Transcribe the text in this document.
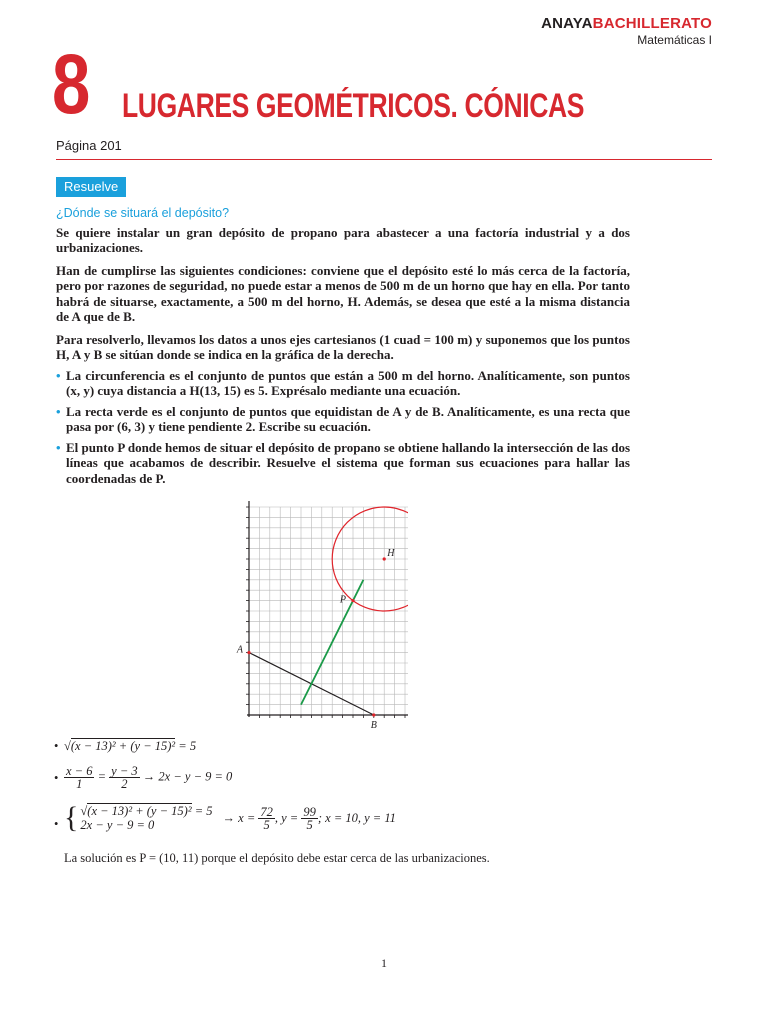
ANAYABACHILLERATO
Matemáticas I
8 LUGARES GEOMÉTRICOS. CÓNICAS
Página 201
Resuelve
¿Dónde se situará el depósito?
Se quiere instalar un gran depósito de propano para abastecer a una factoría industrial y a dos urbanizaciones.
Han de cumplirse las siguientes condiciones: conviene que el depósito esté lo más cerca de la factoría, pero por razones de seguridad, no puede estar a menos de 500 m de un horno que hay en ella. Por tanto habrá de situarse, exactamente, a 500 m del horno, H. Además, se desea que esté a la misma distancia de A que de B.
Para resolverlo, llevamos los datos a unos ejes cartesianos (1 cuad = 100 m) y suponemos que los puntos H, A y B se sitúan donde se indica en la gráfica de la derecha.
• La circunferencia es el conjunto de puntos que están a 500 m del horno. Analíticamente, son puntos (x, y) cuya distancia a H(13, 15) es 5. Exprésalo mediante una ecuación.
• La recta verde es el conjunto de puntos que equidistan de A y de B. Analíticamente, es una recta que pasa por (6, 3) y tiene pendiente 2. Escribe su ecuación.
• El punto P donde hemos de situar el depósito de propano se obtiene hallando la intersección de las dos líneas que acabamos de describir. Resuelve el sistema que forman sus ecuaciones para hallar las coordenadas de P.
H
P
A
B
• √(x − 13)² + (y − 15)² = 5
• $\frac{x - 6}{1} = \frac{y - 3}{2} \to 2x - y - 9 = 0$
• { √(x − 13)² + (y − 15)² = 5
2x − y − 9 = 0	→ x =
$\frac{72}{5}$ , y =
$\frac{99}{5}$ ; x = 10, y = 11
La solución es P = (10, 11) porque el depósito debe estar cerca de las urbanizaciones.
1
